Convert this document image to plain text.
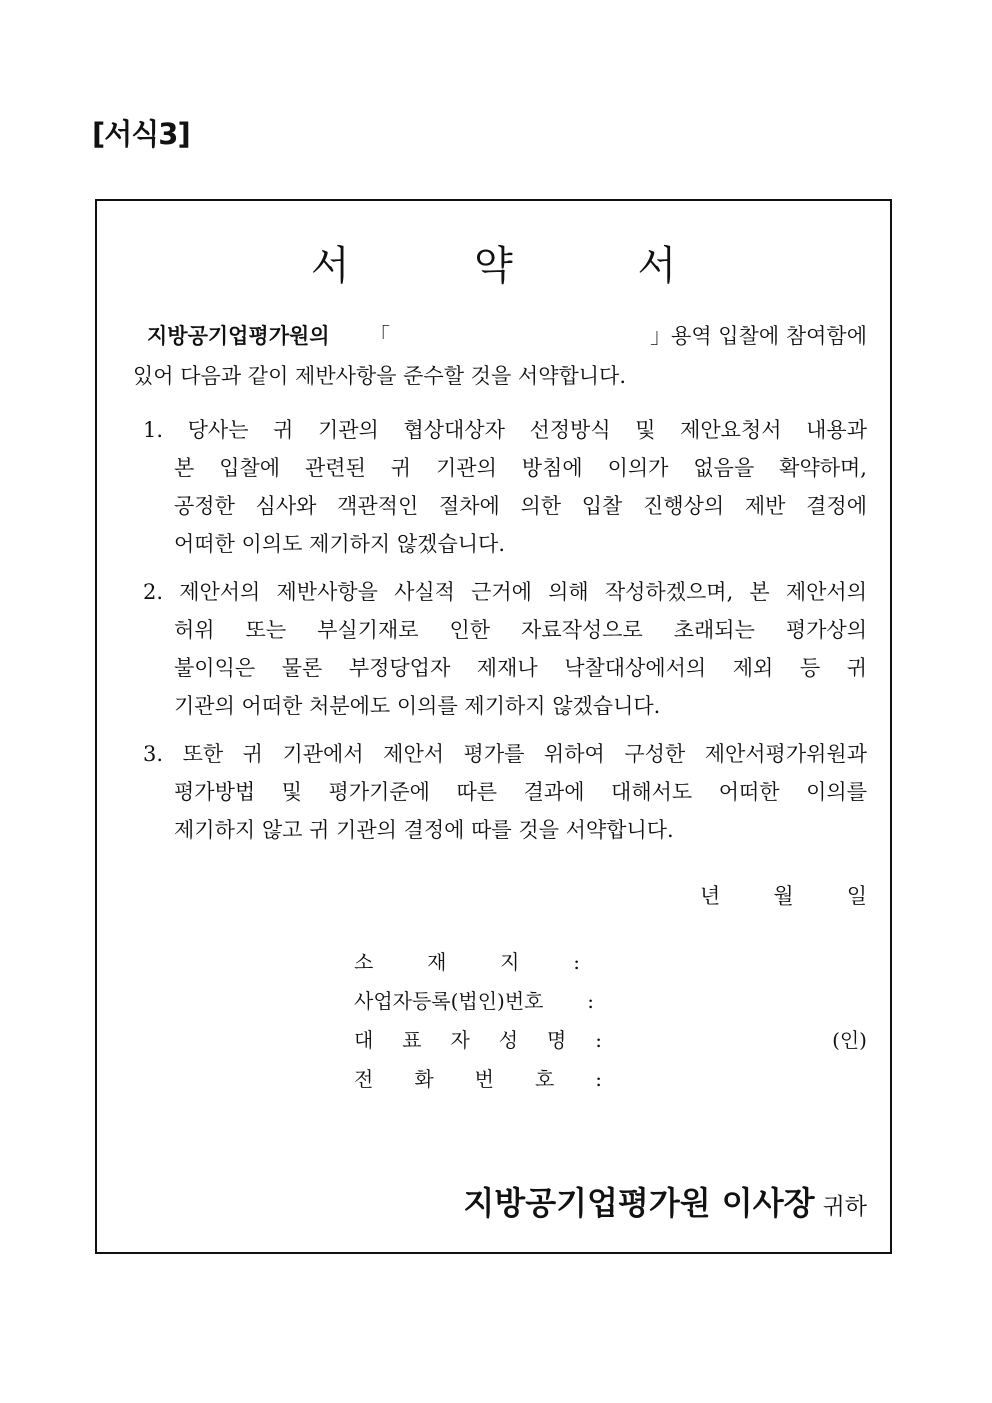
[서식3]
서 약 서
지방공기업평가원의 「	」용역 입찰에 참여함에
있어 다음과 같이 제반사항을 준수할 것을 서약합니다.
1. 당사는 귀 기관의 협상대상자 선정방식 및 제안요청서 내용과
본 입찰에 관련된 귀 기관의 방침에 이의가 없음을 확약하며,
공정한 심사와 객관적인 절차에 의한 입찰 진행상의 제반 결정에
어떠한 이의도 제기하지 않겠습니다.
2. 제안서의 제반사항을 사실적 근거에 의해 작성하겠으며, 본 제안서의
허위 또는 부실기재로 인한 자료작성으로 초래되는 평가상의
불이익은 물론 부정당업자 제재나 낙찰대상에서의 제외 등 귀
기관의 어떠한 처분에도 이의를 제기하지 않겠습니다.
3. 또한 귀 기관에서 제안서 평가를 위하여 구성한 제안서평가위원과
평가방법 및 평가기준에 따른 결과에 대해서도 어떠한 이의를
제기하지 않고 귀 기관의 결정에 따를 것을 서약합니다.
년	월	일
소	재	지	:
사업자등록(법인)번호 :
대 표 자 성 명 :	(인)
전 화 번 호 :
지방공기업평가원 이사장 귀하
